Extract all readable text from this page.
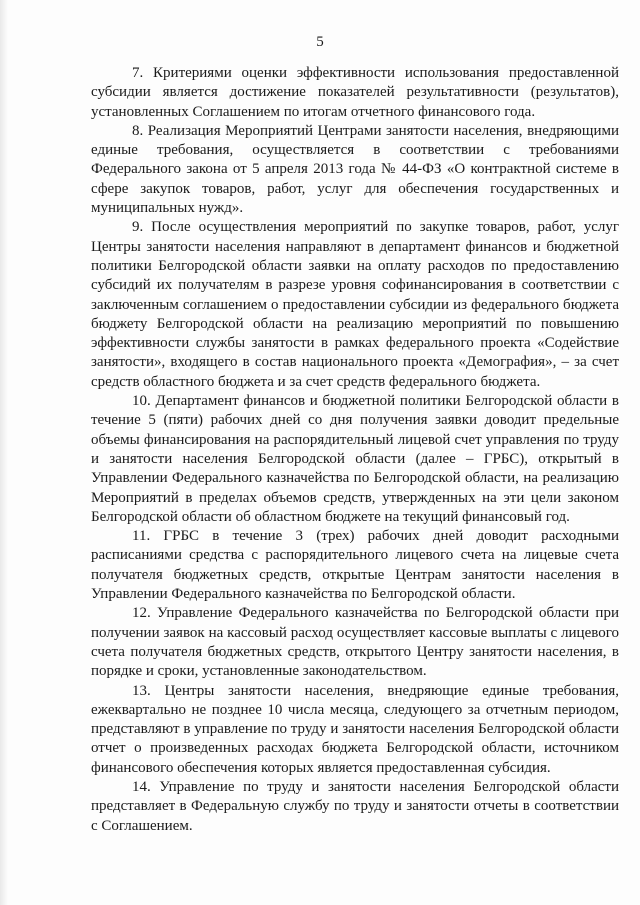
5

7. Критериями оценки эффективности использования предоставленной субсидии является достижение показателей результативности (результатов), установленных Соглашением по итогам отчетного финансового года.

8. Реализация Мероприятий Центрами занятости населения, внедряющими единые требования, осуществляется в соответствии с требованиями Федерального закона от 5 апреля 2013 года № 44-ФЗ «О контрактной системе в сфере закупок товаров, работ, услуг для обеспечения государственных и муниципальных нужд».

9. После осуществления мероприятий по закупке товаров, работ, услуг Центры занятости населения направляют в департамент финансов и бюджетной политики Белгородской области заявки на оплату расходов по предоставлению субсидий их получателям в разрезе уровня софинансирования в соответствии с заключенным соглашением о предоставлении субсидии из федерального бюджета бюджету Белгородской области на реализацию мероприятий по повышению эффективности службы занятости в рамках федерального проекта «Содействие занятости», входящего в состав национального проекта «Демография», – за счет средств областного бюджета и за счет средств федерального бюджета.

10. Департамент финансов и бюджетной политики Белгородской области в течение 5 (пяти) рабочих дней со дня получения заявки доводит предельные объемы финансирования на распорядительный лицевой счет управления по труду и занятости населения Белгородской области (далее – ГРБС), открытый в Управлении Федерального казначейства по Белгородской области, на реализацию Мероприятий в пределах объемов средств, утвержденных на эти цели законом Белгородской области об областном бюджете на текущий финансовый год.

11. ГРБС в течение 3 (трех) рабочих дней доводит расходными расписаниями средства с распорядительного лицевого счета на лицевые счета получателя бюджетных средств, открытые Центрам занятости населения в Управлении Федерального казначейства по Белгородской области.

12. Управление Федерального казначейства по Белгородской области при получении заявок на кассовый расход осуществляет кассовые выплаты с лицевого счета получателя бюджетных средств, открытого Центру занятости населения, в порядке и сроки, установленные законодательством.

13. Центры занятости населения, внедряющие единые требования, ежеквартально не позднее 10 числа месяца, следующего за отчетным периодом, представляют в управление по труду и занятости населения Белгородской области отчет о произведенных расходах бюджета Белгородской области, источником финансового обеспечения которых является предоставленная субсидия.

14. Управление по труду и занятости населения Белгородской области представляет в Федеральную службу по труду и занятости отчеты в соответствии с Соглашением.
